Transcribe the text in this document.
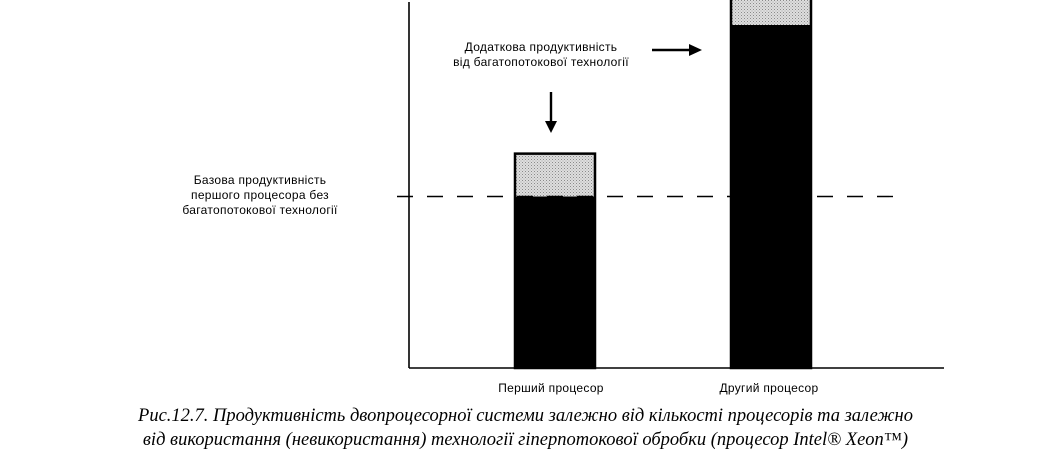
Додаткова продуктивність
від багатопотокової технології
Базова продуктивність
першого процесора без
багатопотокової технології
Перший процесор	Другий процесор
Рис.12.7. Продуктивність двопроцесорної системи залежно від кількості процесорів та залежно
від використання (невикористання) технології гіперпотокової обробки (процесор Intel® Xeon™)
